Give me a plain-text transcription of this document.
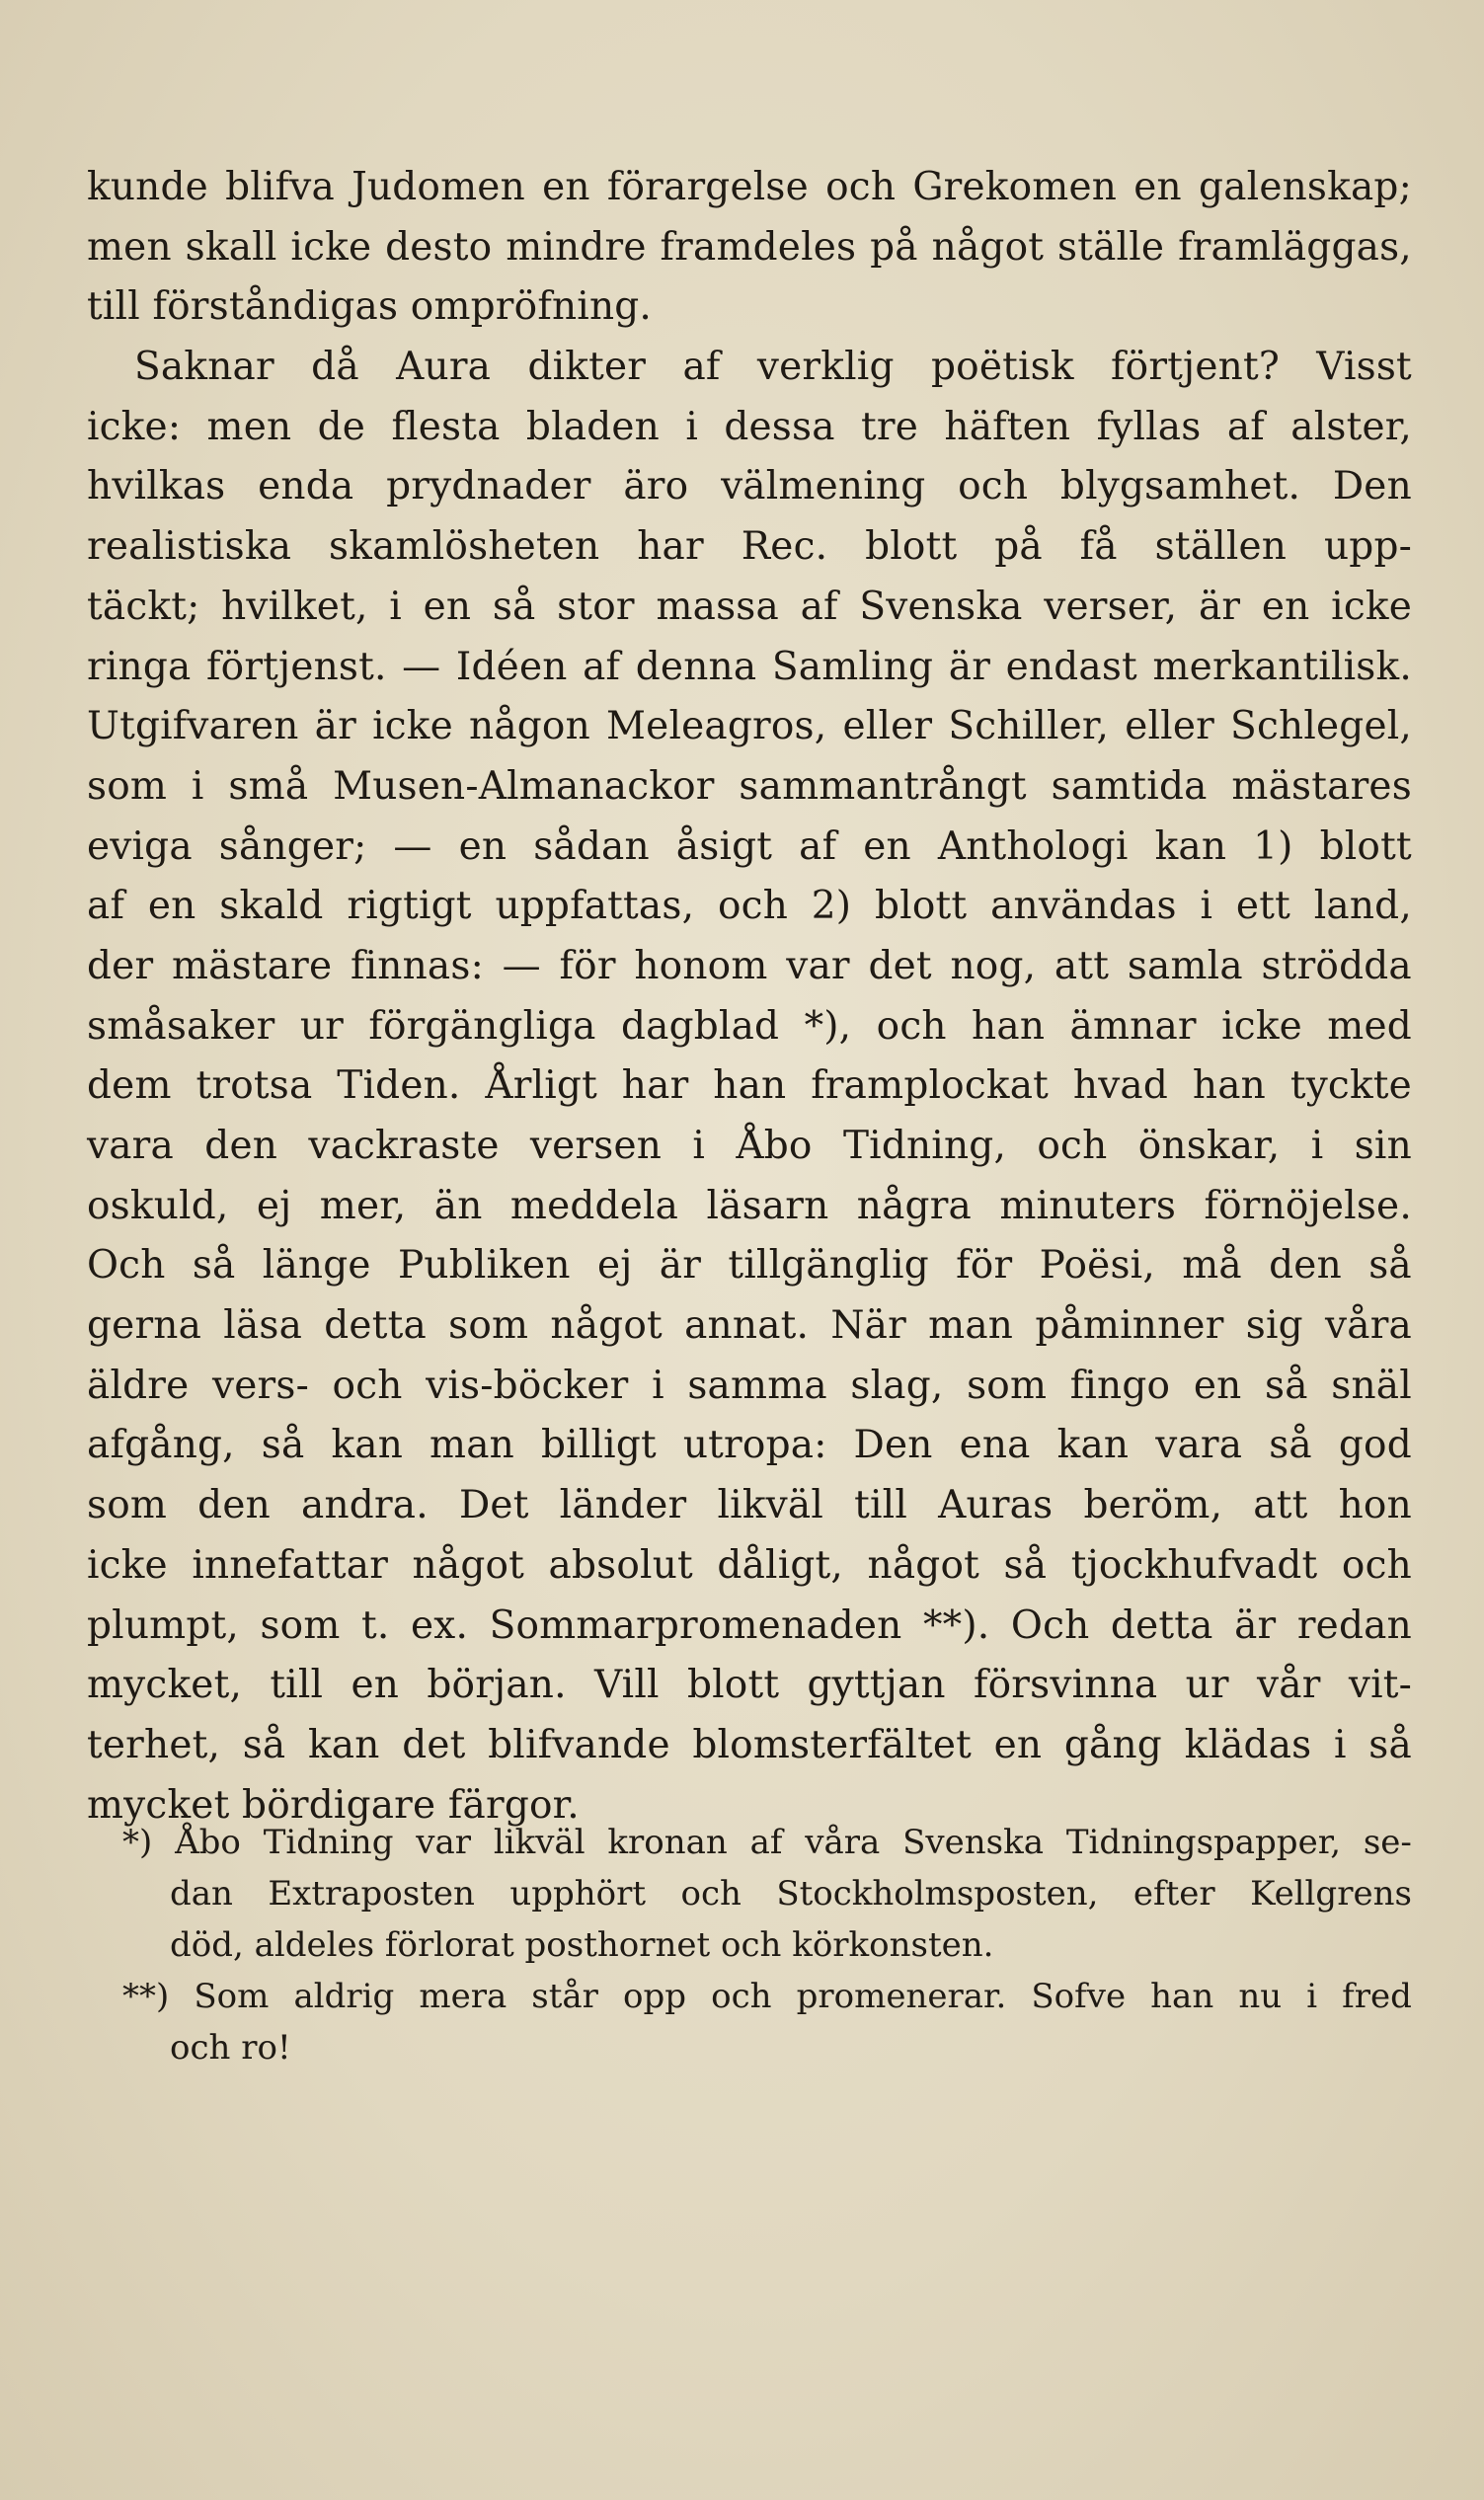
kunde blifva Judomen en förargelse och Grekomen en galenskap;
men skall icke desto mindre framdeles på något ställe framläggas,
till förståndigas ompröfning.
Saknar då Aura dikter af verklig poëtisk förtjent? Visst
icke: men de flesta bladen i dessa tre häften fyllas af alster,
hvilkas enda prydnader äro välmening och blygsamhet. Den
realistiska skamlösheten har Rec. blott på få ställen upp-
täckt; hvilket, i en så stor massa af Svenska verser, är en icke
ringa förtjenst. — Idéen af denna Samling är endast merkantilisk.
Utgifvaren är icke någon Meleagros, eller Schiller, eller Schlegel,
som i små Musen-Almanackor sammantrångt samtida mästares
eviga sånger; — en sådan åsigt af en Anthologi kan 1) blott
af en skald rigtigt uppfattas, och 2) blott användas i ett land,
der mästare finnas: — för honom var det nog, att samla strödda
småsaker ur förgängliga dagblad *), och han ämnar icke med
dem trotsa Tiden. Årligt har han framplockat hvad han tyckte
vara den vackraste versen i Åbo Tidning, och önskar, i sin
oskuld, ej mer, än meddela läsarn några minuters förnöjelse.
Och så länge Publiken ej är tillgänglig för Poësi, må den så
gerna läsa detta som något annat. När man påminner sig våra
äldre vers- och vis-böcker i samma slag, som fingo en så snäl
afgång, så kan man billigt utropa: Den ena kan vara så god
som den andra. Det länder likväl till Auras beröm, att hon
icke innefattar något absolut dåligt, något så tjockhufvadt och
plumpt, som t. ex. Sommarpromenaden **). Och detta är redan
mycket, till en början. Vill blott gyttjan försvinna ur vår vit-
terhet, så kan det blifvande blomsterfältet en gång klädas i så
mycket bördigare färgor.
*) Åbo Tidning var likväl kronan af våra Svenska Tidningspapper, se-
dan Extraposten upphört och Stockholmsposten, efter Kellgrens
död, aldeles förlorat posthornet och körkonsten.
**) Som aldrig mera står opp och promenerar. Sofve han nu i fred
och ro!
